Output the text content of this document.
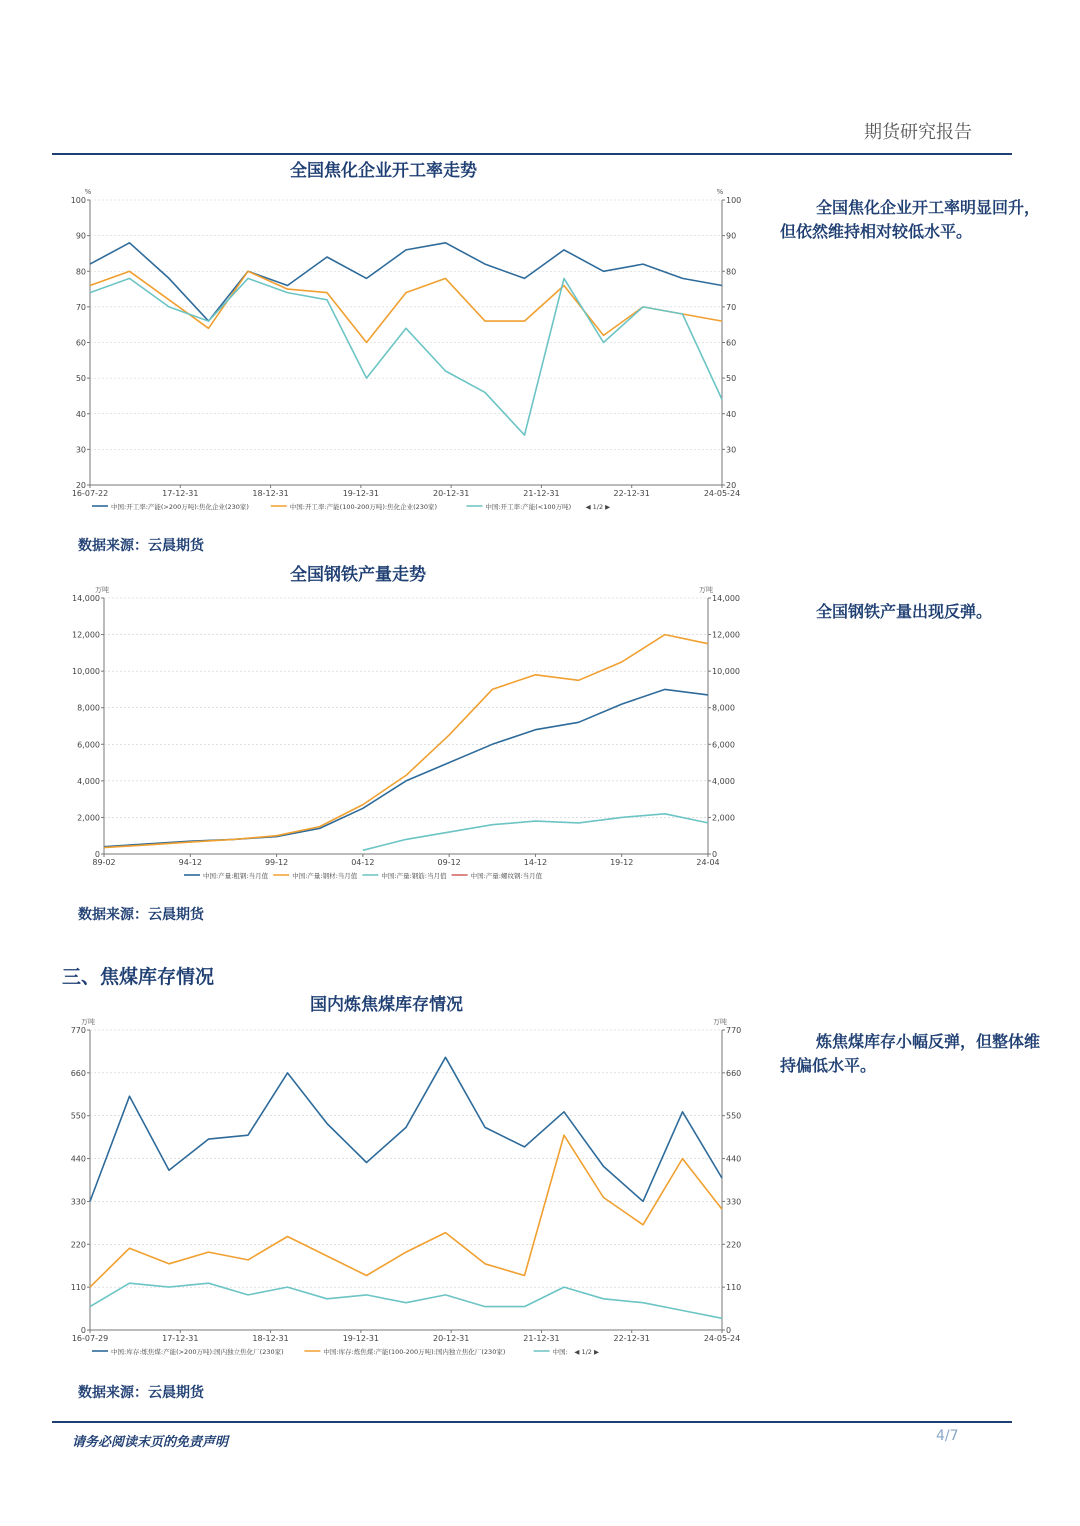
期货研究报告
全国焦化企业开工率走势
%	%
100	100
90	90
80	80
70	70
60	60
50	50
40	40
30	30
20	20
16-07-22	17-12-31	18-12-31	19-12-31	20-12-31	21-12-31	22-12-31	24-05-24
中国:开工率:产能(>200万吨):焦化企业(230家)	中国:开工率:产能(100-200万吨):焦化企业(230家)	中国:开工率:产能(<100万吨) ◀ 1/2 ▶
数据来源：云晨期货
全国焦化企业开工率明显回升，但依然维持相对较低水平。
全国钢铁产量走势
万吨	万吨
14,000	14,000
12,000	12,000
10,000	10,000
8,000	8,000
6,000	6,000
4,000	4,000
2,000	2,000
0	0
89-02	94-12	99-12	04-12	09-12	14-12	19-12	24-04
中国:产量:粗钢:当月值	中国:产量:钢材:当月值	中国:产量:钢筋:当月值	中国:产量:螺纹钢:当月值
数据来源：云晨期货
全国钢铁产量出现反弹。
三、焦煤库存情况
国内炼焦煤库存情况
万吨	万吨
770	770
660	660
550	550
440	440
330	330
220	220
110	110
0	0
16-07-29	17-12-31	18-12-31	19-12-31	20-12-31	21-12-31	22-12-31	24-05-24
中国:库存:炼焦煤:产能(>200万吨):国内独立焦化厂(230家)	中国:库存:炼焦煤:产能(100-200万吨):国内独立焦化厂(230家)	中国: ◀ 1/2 ▶
数据来源：云晨期货
炼焦煤库存小幅反弹，但整体维持偏低水平。
请务必阅读末页的免责声明	4/7
